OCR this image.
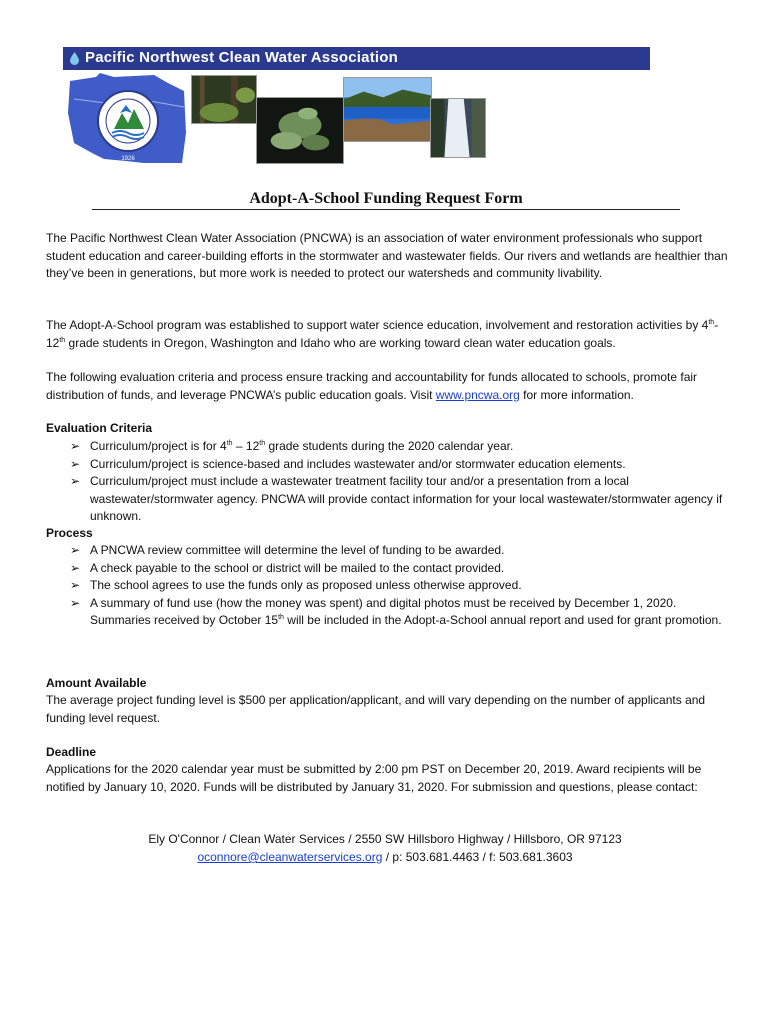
Pacific Northwest Clean Water Association
1926
Adopt-A-School Funding Request Form
The Pacific Northwest Clean Water Association (PNCWA) is an association of water environment professionals who support student education and career-building efforts in the stormwater and wastewater fields. Our rivers and wetlands are healthier than they’ve been in generations, but more work is needed to protect our watersheds and community livability.
The Adopt-A-School program was established to support water science education, involvement and restoration activities by 4th-12th grade students in Oregon, Washington and Idaho who are working toward clean water education goals.
The following evaluation criteria and process ensure tracking and accountability for funds allocated to schools, promote fair distribution of funds, and leverage PNCWA’s public education goals. Visit www.pncwa.org for more information.
Evaluation Criteria
➢ Curriculum/project is for 4th – 12th grade students during the 2020 calendar year.
➢ Curriculum/project is science-based and includes wastewater and/or stormwater education elements.
➢ Curriculum/project must include a wastewater treatment facility tour and/or a presentation from a local wastewater/stormwater agency. PNCWA will provide contact information for your local wastewater/stormwater agency if unknown.
Process
➢ A PNCWA review committee will determine the level of funding to be awarded.
➢ A check payable to the school or district will be mailed to the contact provided.
➢ The school agrees to use the funds only as proposed unless otherwise approved.
➢ A summary of fund use (how the money was spent) and digital photos must be received by December 1, 2020. Summaries received by October 15th will be included in the Adopt-a-School annual report and used for grant promotion.
Amount Available
The average project funding level is $500 per application/applicant, and will vary depending on the number of applicants and funding level request.
Deadline
Applications for the 2020 calendar year must be submitted by 2:00 pm PST on December 20, 2019. Award recipients will be notified by January 10, 2020. Funds will be distributed by January 31, 2020. For submission and questions, please contact:
Ely O'Connor / Clean Water Services / 2550 SW Hillsboro Highway / Hillsboro, OR 97123
oconnore@cleanwaterservices.org / p: 503.681.4463 / f: 503.681.3603
